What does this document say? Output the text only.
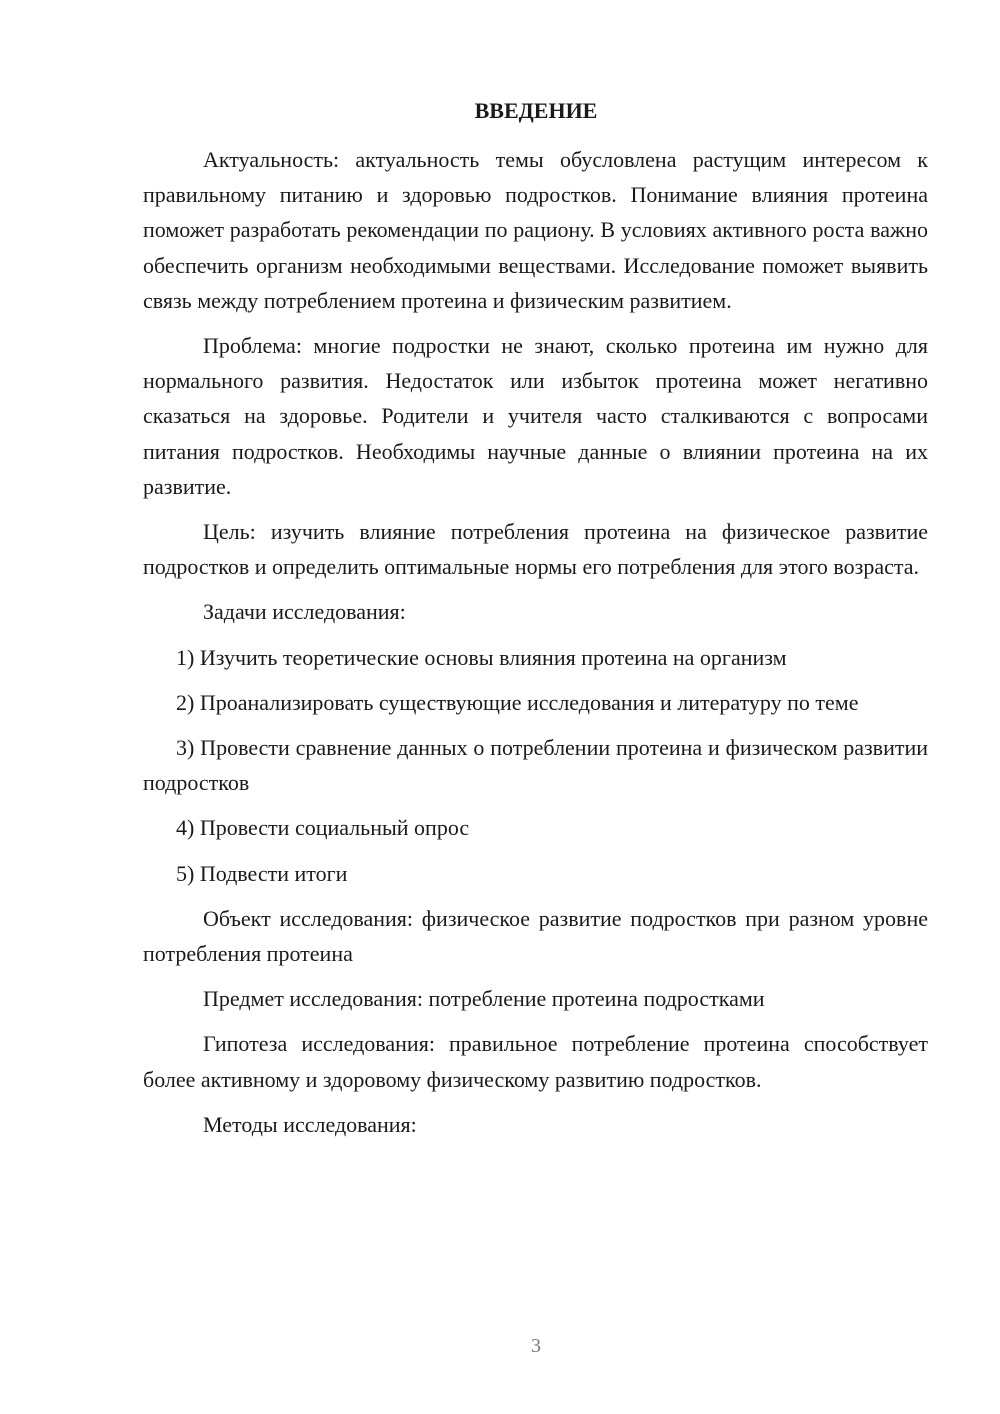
ВВЕДЕНИЕ

Актуальность: актуальность темы обусловлена растущим интересом к правильному питанию и здоровью подростков. Понимание влияния протеина поможет разработать рекомендации по рациону. В условиях активного роста важно обеспечить организм необходимыми веществами. Исследование поможет выявить связь между потреблением протеина и физическим развитием.

Проблема: многие подростки не знают, сколько протеина им нужно для нормального развития. Недостаток или избыток протеина может негативно сказаться на здоровье. Родители и учителя часто сталкиваются с вопросами питания подростков. Необходимы научные данные о влиянии протеина на их развитие.

Цель: изучить влияние потребления протеина на физическое развитие подростков и определить оптимальные нормы его потребления для этого возраста.

Задачи исследования:

1) Изучить теоретические основы влияния протеина на организм

2) Проанализировать существующие исследования и литературу по теме

3) Провести сравнение данных о потреблении протеина и физическом развитии подростков

4) Провести социальный опрос

5) Подвести итоги

Объект исследования: физическое развитие подростков при разном уровне потребления протеина

Предмет исследования: потребление протеина подростками

Гипотеза исследования: правильное потребление протеина способствует более активному и здоровому физическому развитию подростков.

Методы исследования:

3
